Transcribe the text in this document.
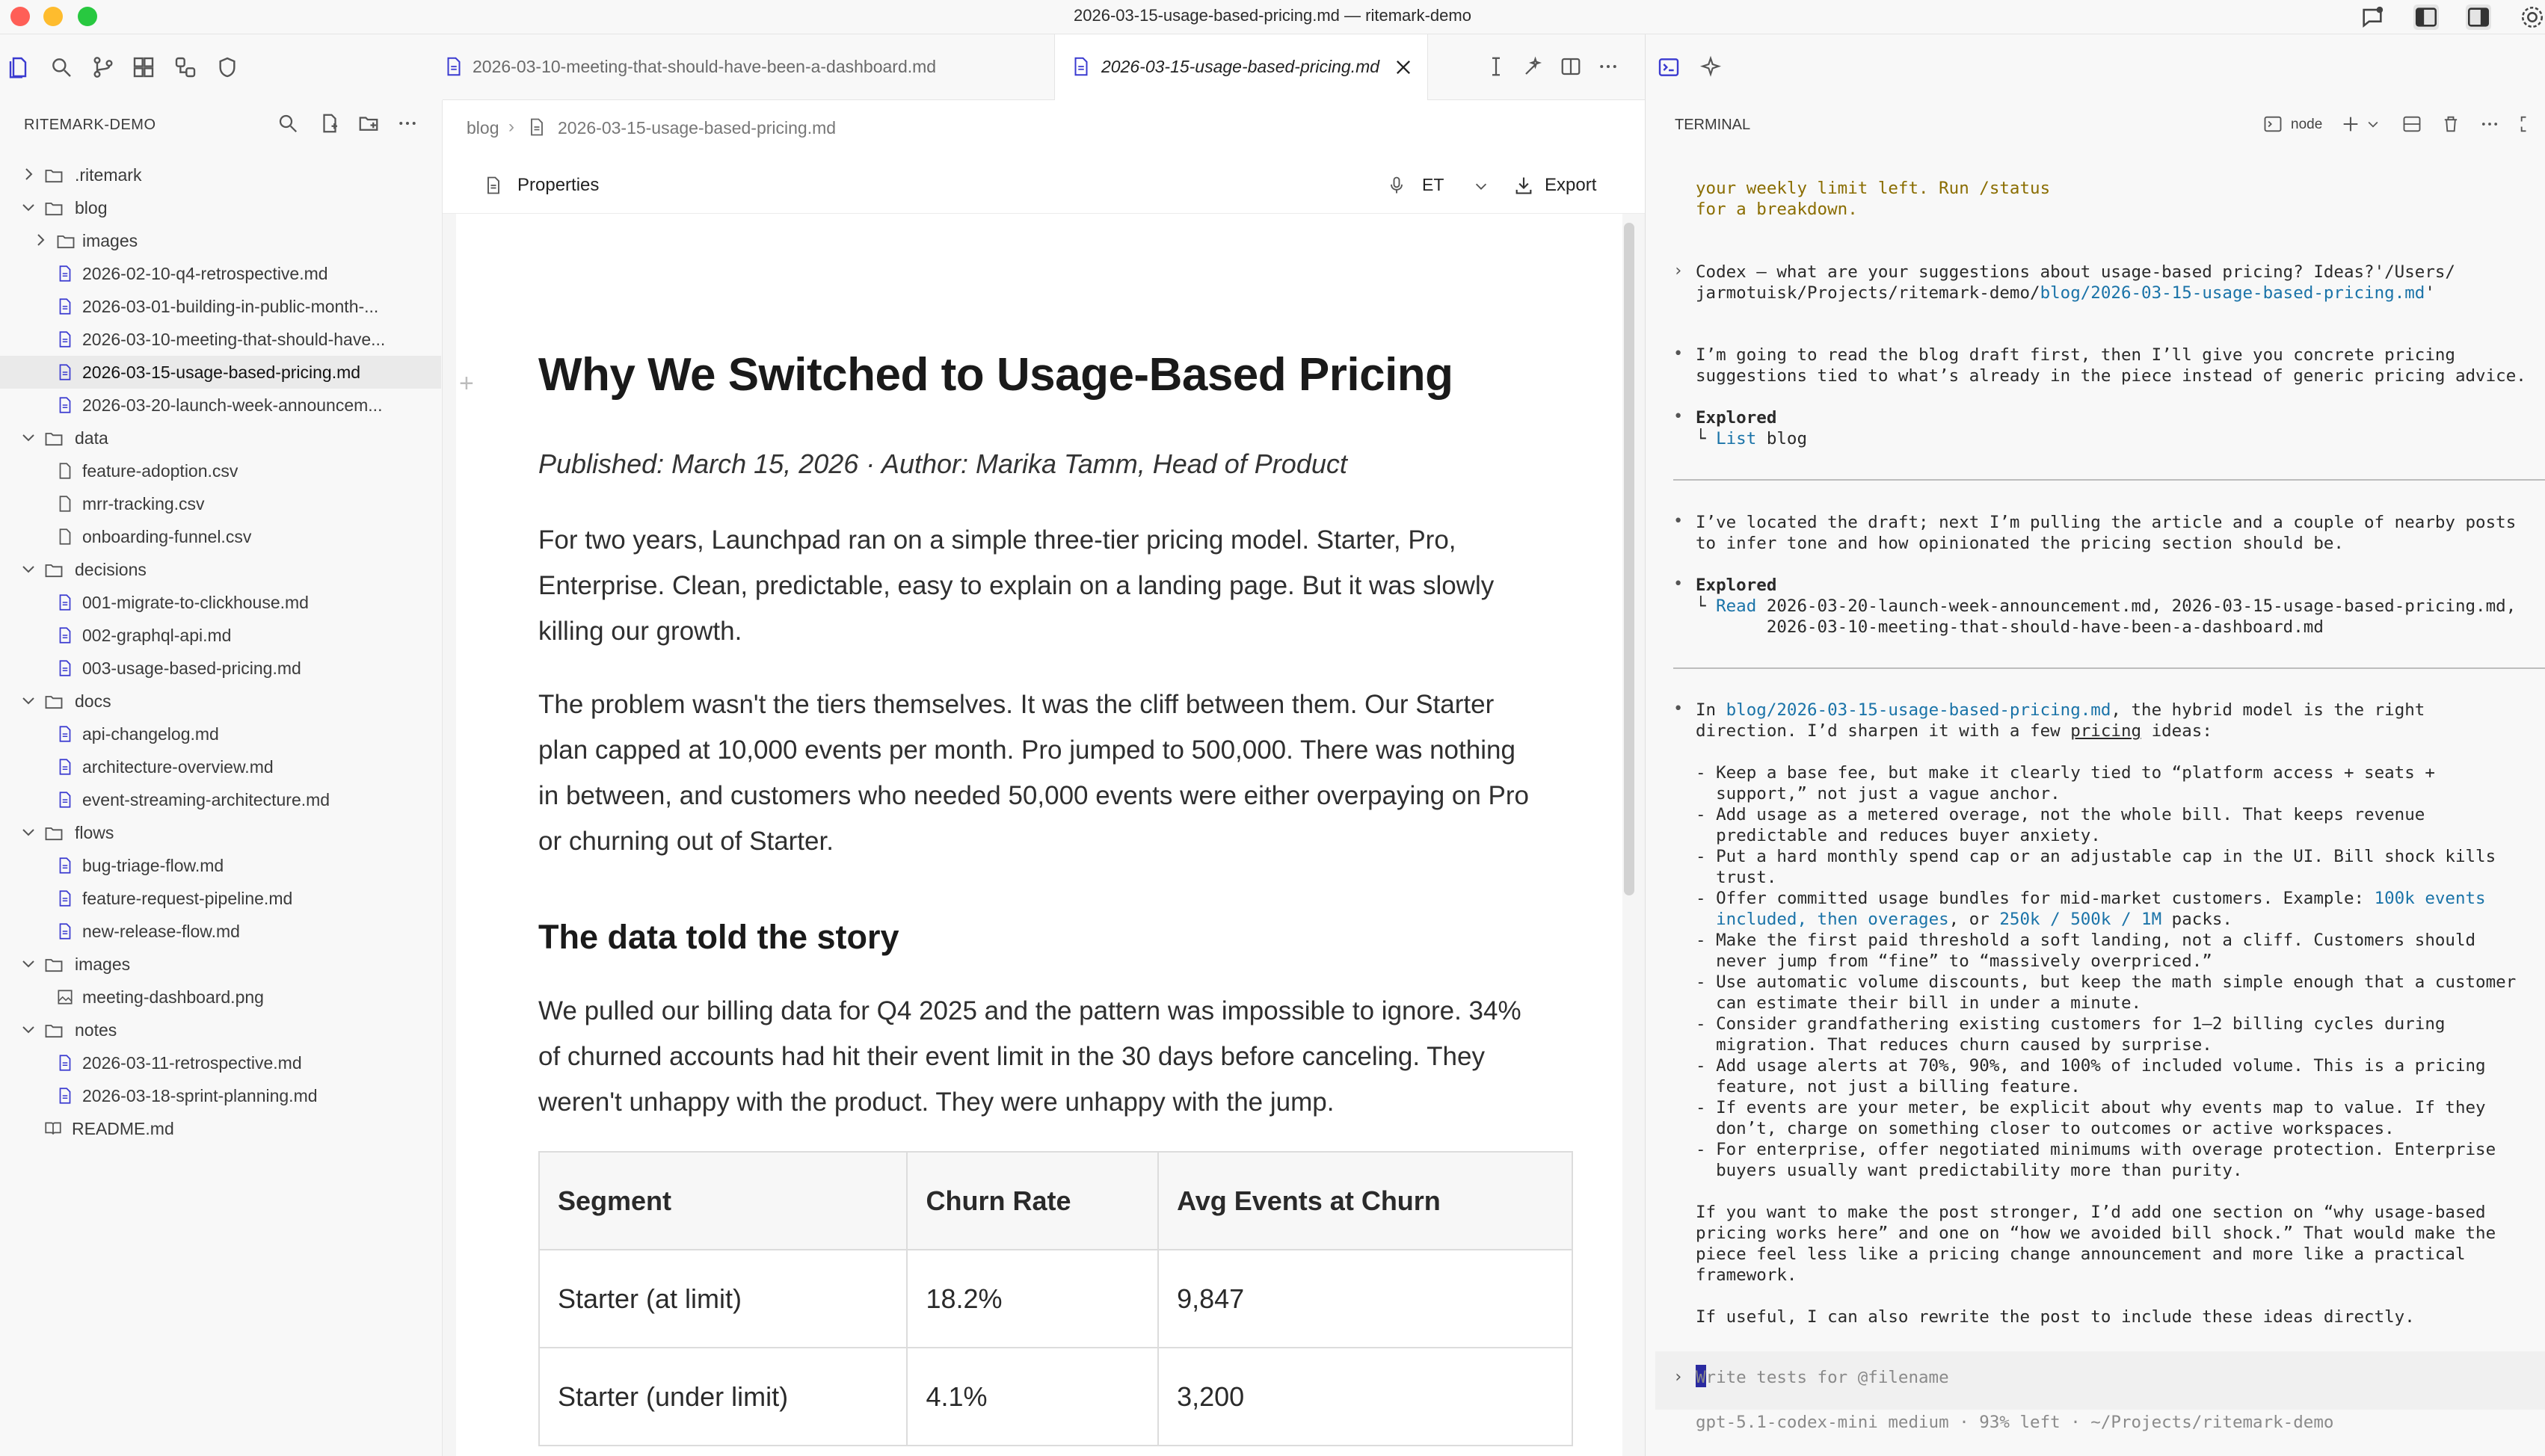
2026-03-15-usage-based-pricing.md — ritemark-demo
RITEMARK-DEMO
.ritemark
blog
images
2026-02-10-q4-retrospective.md
2026-03-01-building-in-public-month-...
2026-03-10-meeting-that-should-have...
2026-03-15-usage-based-pricing.md
2026-03-20-launch-week-announcem...
data
feature-adoption.csv
mrr-tracking.csv
onboarding-funnel.csv
decisions
001-migrate-to-clickhouse.md
002-graphql-api.md
003-usage-based-pricing.md
docs
api-changelog.md
architecture-overview.md
event-streaming-architecture.md
flows
bug-triage-flow.md
feature-request-pipeline.md
new-release-flow.md
images
meeting-dashboard.png
notes
2026-03-11-retrospective.md
2026-03-18-sprint-planning.md
README.md
2026-03-10-meeting-that-should-have-been-a-dashboard.md	2026-03-15-usage-based-pricing.md
blog ›	2026-03-15-usage-based-pricing.md
Properties	ET	Export
+ Why We Switched to Usage-Based Pricing
Published: March 15, 2026 · Author: Marika Tamm, Head of Product
For two years, Launchpad ran on a simple three-tier pricing model. Starter, Pro,
Enterprise. Clean, predictable, easy to explain on a landing page. But it was slowly
killing our growth.
The problem wasn't the tiers themselves. It was the cliff between them. Our Starter
plan capped at 10,000 events per month. Pro jumped to 500,000. There was nothing
in between, and customers who needed 50,000 events were either overpaying on Pro
or churning out of Starter.
The data told the story
We pulled our billing data for Q4 2025 and the pattern was impossible to ignore. 34%
of churned accounts had hit their event limit in the 30 days before canceling. They
weren't unhappy with the product. They were unhappy with the jump.
Segment	Churn Rate	Avg Events at Churn
Starter (at limit)	18.2%	9,847
Starter (under limit)	4.1%	3,200
TERMINAL	node
your weekly limit left. Run /status
for a breakdown.
Codex — what are your suggestions about usage-based pricing? Ideas?'/Users/
jarmotuisk/Projects/ritemark-demo/blog/2026-03-15-usage-based-pricing.md'
I’m going to read the blog draft first, then I’ll give you concrete pricing
suggestions tied to what’s already in the piece instead of generic pricing advice.
Explored
└ List blog
I’ve located the draft; next I’m pulling the article and a couple of nearby posts
to infer tone and how opinionated the pricing section should be.
Explored
└ Read 2026-03-20-launch-week-announcement.md, 2026-03-15-usage-based-pricing.md,
2026-03-10-meeting-that-should-have-been-a-dashboard.md
In blog/2026-03-15-usage-based-pricing.md, the hybrid model is the right
direction. I’d sharpen it with a few pricing ideas:
- Keep a base fee, but make it clearly tied to “platform access + seats +
support,” not just a vague anchor.
- Add usage as a metered overage, not the whole bill. That keeps revenue
predictable and reduces buyer anxiety.
- Put a hard monthly spend cap or an adjustable cap in the UI. Bill shock kills
trust.
- Offer committed usage bundles for mid-market customers. Example: 100k events
included, then overages, or 250k / 500k / 1M packs.
- Make the first paid threshold a soft landing, not a cliff. Customers should
never jump from “fine” to “massively overpriced.”
- Use automatic volume discounts, but keep the math simple enough that a customer
can estimate their bill in under a minute.
- Consider grandfathering existing customers for 1–2 billing cycles during
migration. That reduces churn caused by surprise.
- Add usage alerts at 70%, 90%, and 100% of included volume. This is a pricing
feature, not just a billing feature.
- If events are your meter, be explicit about why events map to value. If they
don’t, charge on something closer to outcomes or active workspaces.
- For enterprise, offer negotiated minimums with overage protection. Enterprise
buyers usually want predictability more than purity.
If you want to make the post stronger, I’d add one section on “why usage-based
pricing works here” and one on “how we avoided bill shock.” That would make the
piece feel less like a pricing change announcement and more like a practical
framework.
If useful, I can also rewrite the post to include these ideas directly.
›
•
•
•
•
•
› Write tests for @filename
gpt-5.1-codex-mini medium · 93% left · ~/Projects/ritemark-demo
